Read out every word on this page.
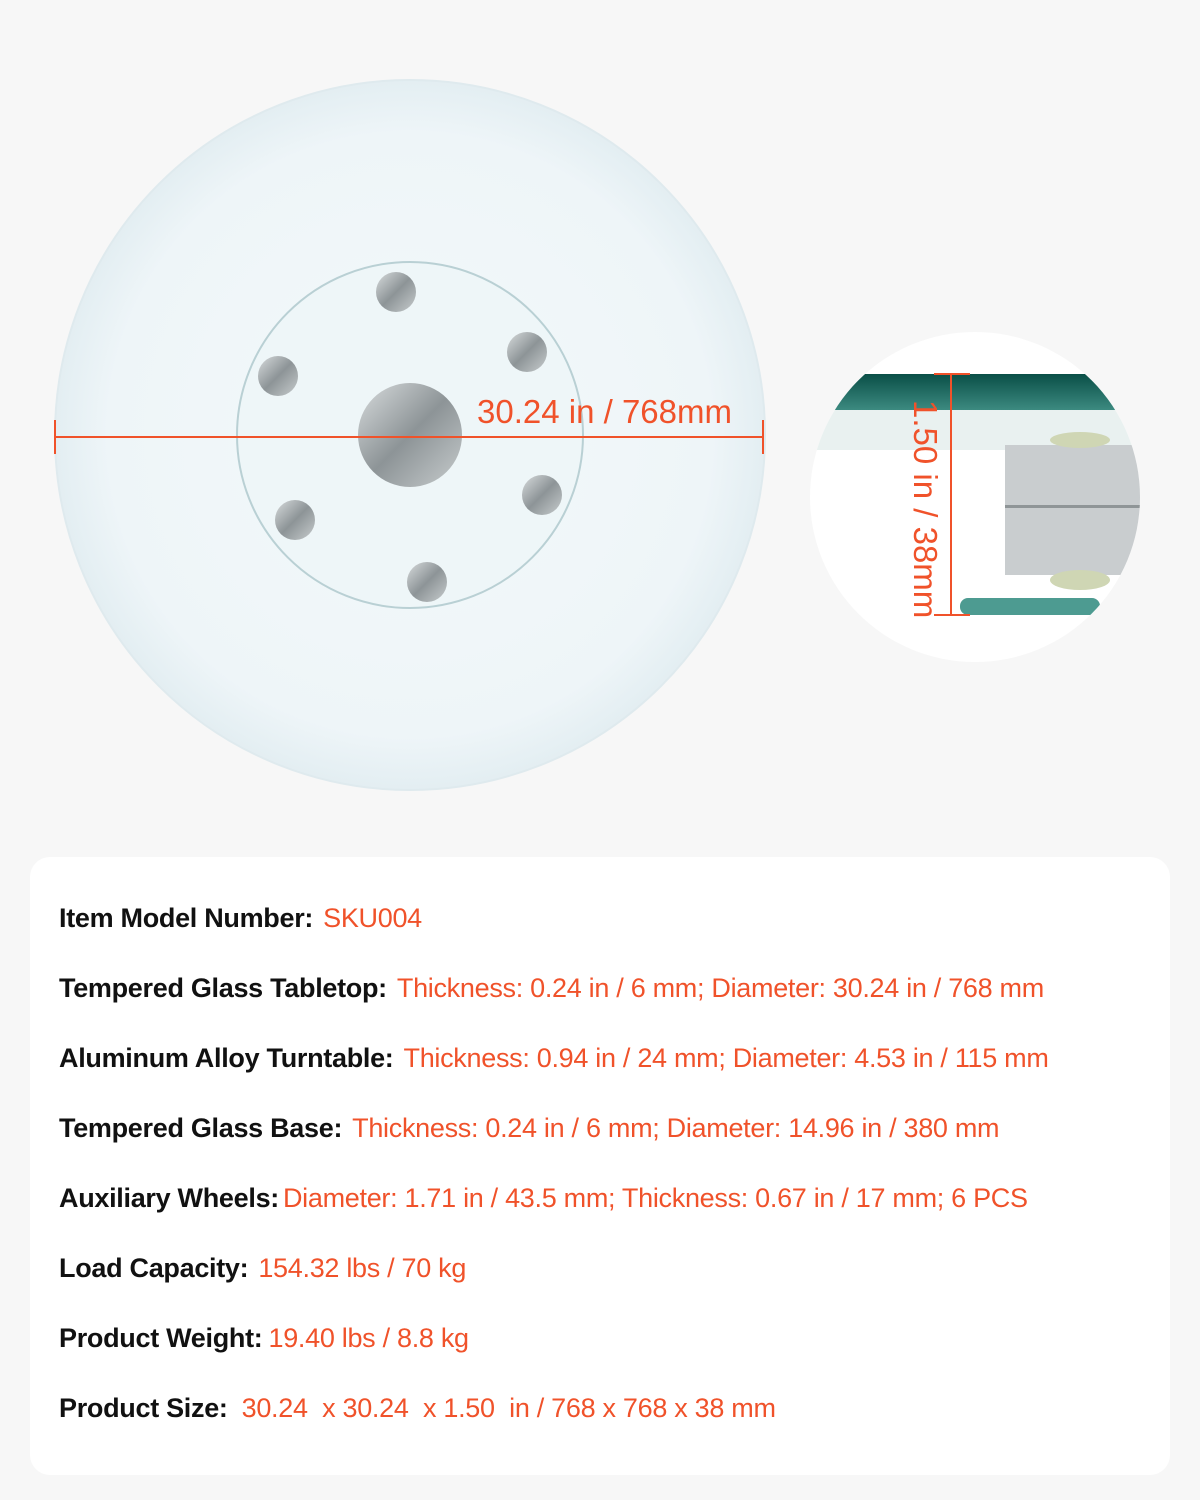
30.24 in / 768mm	1.50 in / 38mm
Item Model Number: SKU004
Tempered Glass Tabletop: Thickness: 0.24 in / 6 mm; Diameter: 30.24 in / 768 mm
Aluminum Alloy Turntable: Thickness: 0.94 in / 24 mm; Diameter: 4.53 in / 115 mm
Tempered Glass Base: Thickness: 0.24 in / 6 mm; Diameter: 14.96 in / 380 mm
Auxiliary Wheels: Diameter: 1.71 in / 43.5 mm; Thickness: 0.67 in / 17 mm; 6 PCS
Load Capacity: 154.32 lbs / 70 kg
Product Weight: 19.40 lbs / 8.8 kg
Product Size: 30.24  x 30.24  x 1.50  in / 768 x 768 x 38 mm
